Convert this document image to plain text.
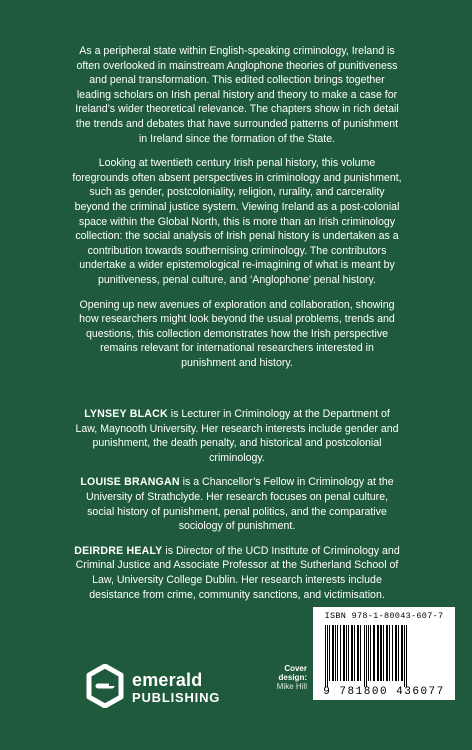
As a peripheral state within English-speaking criminology, Ireland is often overlooked in mainstream Anglophone theories of punitiveness and penal transformation. This edited collection brings together leading scholars on Irish penal history and theory to make a case for Ireland’s wider theoretical relevance. The chapters show in rich detail the trends and debates that have surrounded patterns of punishment in Ireland since the formation of the State.

Looking at twentieth century Irish penal history, this volume foregrounds often absent perspectives in criminology and punishment, such as gender, postcoloniality, religion, rurality, and carcerality beyond the criminal justice system. Viewing Ireland as a post-colonial space within the Global North, this is more than an Irish criminology collection: the social analysis of Irish penal history is undertaken as a contribution towards southernising criminology. The contributors undertake a wider epistemological re-imagining of what is meant by punitiveness, penal culture, and ‘Anglophone’ penal history.

Opening up new avenues of exploration and collaboration, showing how researchers might look beyond the usual problems, trends and questions, this collection demonstrates how the Irish perspective remains relevant for international researchers interested in punishment and history.

LYNSEY BLACK is Lecturer in Criminology at the Department of Law, Maynooth University. Her research interests include gender and punishment, the death penalty, and historical and postcolonial criminology.

LOUISE BRANGAN is a Chancellor’s Fellow in Criminology at the University of Strathclyde. Her research focuses on penal culture, social history of punishment, penal politics, and the comparative sociology of punishment.

DEIRDRE HEALY is Director of the UCD Institute of Criminology and Criminal Justice and Associate Professor at the Sutherland School of Law, University College Dublin. Her research interests include desistance from crime, community sanctions, and victimisation.

emerald
PUBLISHING
Cover design:
Mike Hill
ISBN 978-1-80043-607-7
9 781800 436077
